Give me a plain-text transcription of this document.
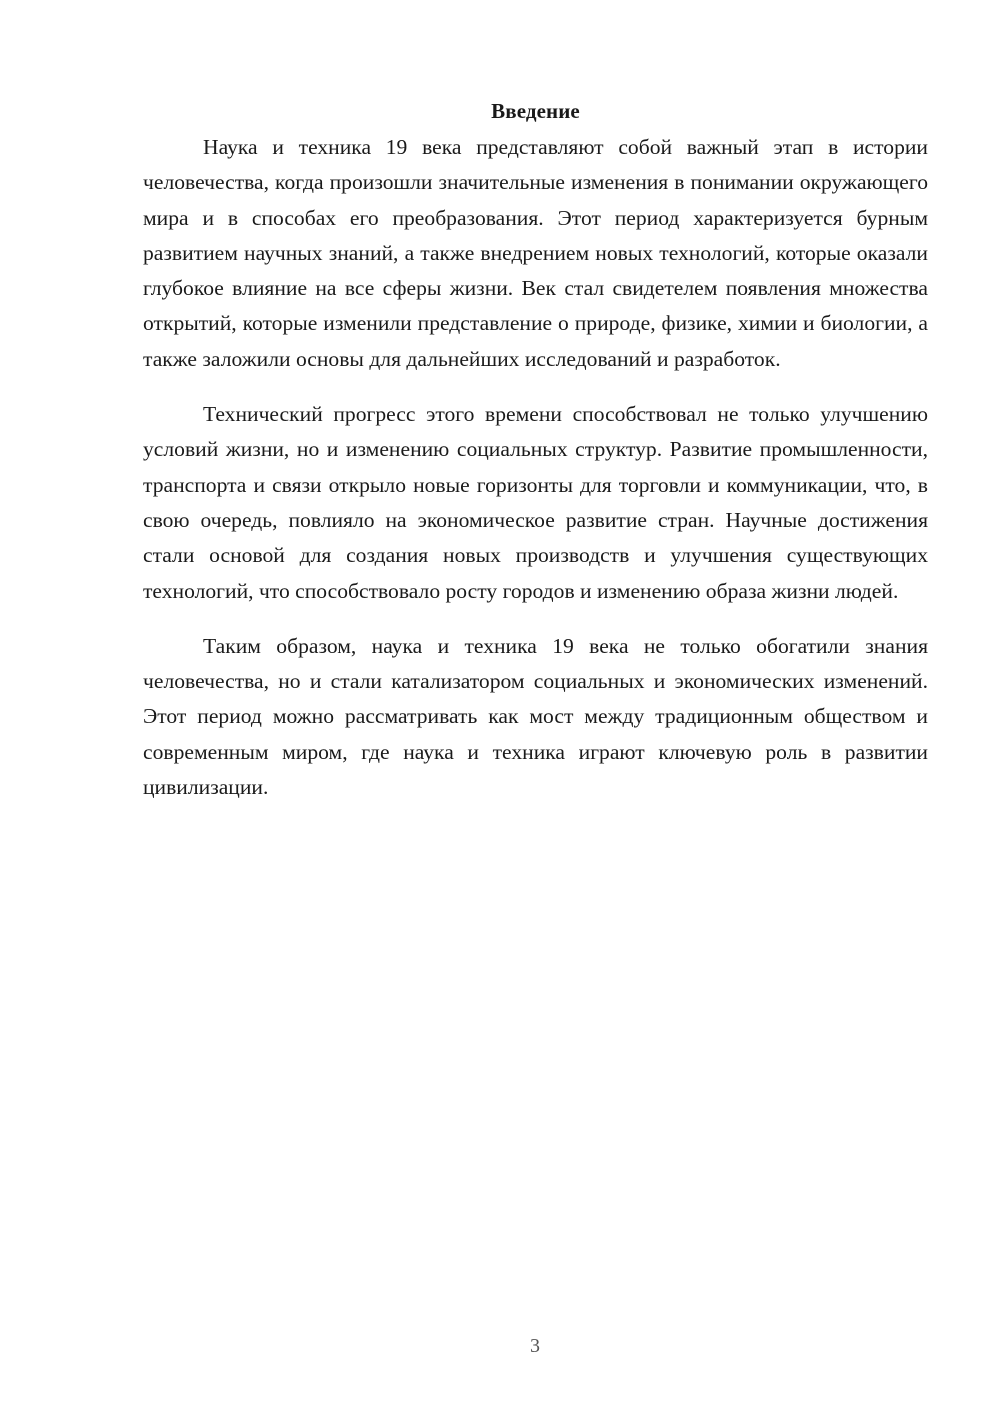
Введение

Наука и техника 19 века представляют собой важный этап в истории человечества, когда произошли значительные изменения в понимании окружающего мира и в способах его преобразования. Этот период характеризуется бурным развитием научных знаний, а также внедрением новых технологий, которые оказали глубокое влияние на все сферы жизни. Век стал свидетелем появления множества открытий, которые изменили представление о природе, физике, химии и биологии, а также заложили основы для дальнейших исследований и разработок.

Технический прогресс этого времени способствовал не только улучшению условий жизни, но и изменению социальных структур. Развитие промышленности, транспорта и связи открыло новые горизонты для торговли и коммуникации, что, в свою очередь, повлияло на экономическое развитие стран. Научные достижения стали основой для создания новых производств и улучшения существующих технологий, что способствовало росту городов и изменению образа жизни людей.

Таким образом, наука и техника 19 века не только обогатили знания человечества, но и стали катализатором социальных и экономических изменений. Этот период можно рассматривать как мост между традиционным обществом и современным миром, где наука и техника играют ключевую роль в развитии цивилизации.

3
